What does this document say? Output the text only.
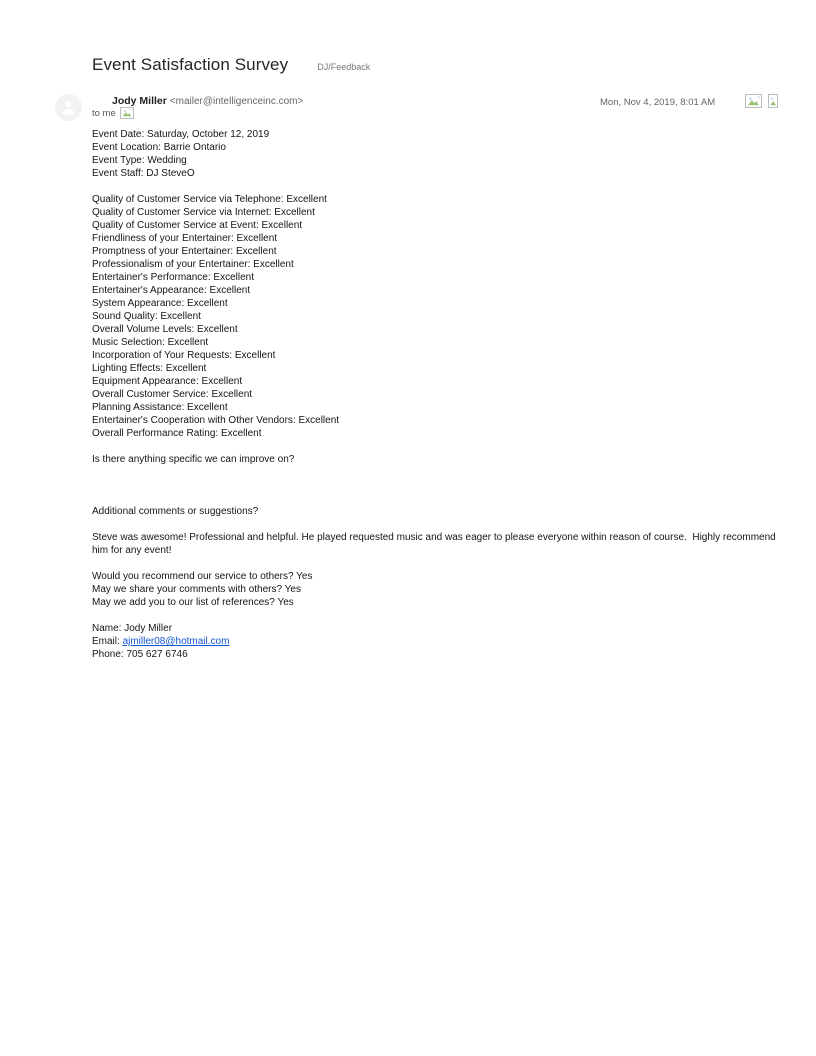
Event Satisfaction Survey	DJ/Feedback
Jody Miller <mailer@intelligenceinc.com>
to me
Mon, Nov 4, 2019, 8:01 AM
Event Date: Saturday, October 12, 2019
Event Location: Barrie Ontario
Event Type: Wedding
Event Staff: DJ SteveO
Quality of Customer Service via Telephone: Excellent
Quality of Customer Service via Internet: Excellent
Quality of Customer Service at Event: Excellent
Friendliness of your Entertainer: Excellent
Promptness of your Entertainer: Excellent
Professionalism of your Entertainer: Excellent
Entertainer's Performance: Excellent
Entertainer's Appearance: Excellent
System Appearance: Excellent
Sound Quality: Excellent
Overall Volume Levels: Excellent
Music Selection: Excellent
Incorporation of Your Requests: Excellent
Lighting Effects: Excellent
Equipment Appearance: Excellent
Overall Customer Service: Excellent
Planning Assistance: Excellent
Entertainer's Cooperation with Other Vendors: Excellent
Overall Performance Rating: Excellent
Is there anything specific we can improve on?
Additional comments or suggestions?
Steve was awesome! Professional and helpful. He played requested music and was eager to please everyone within reason of course.  Highly recommend him for any event!
Would you recommend our service to others? Yes
May we share your comments with others? Yes
May we add you to our list of references? Yes
Name: Jody Miller
Email: ajmiller08@hotmail.com
Phone: 705 627 6746
